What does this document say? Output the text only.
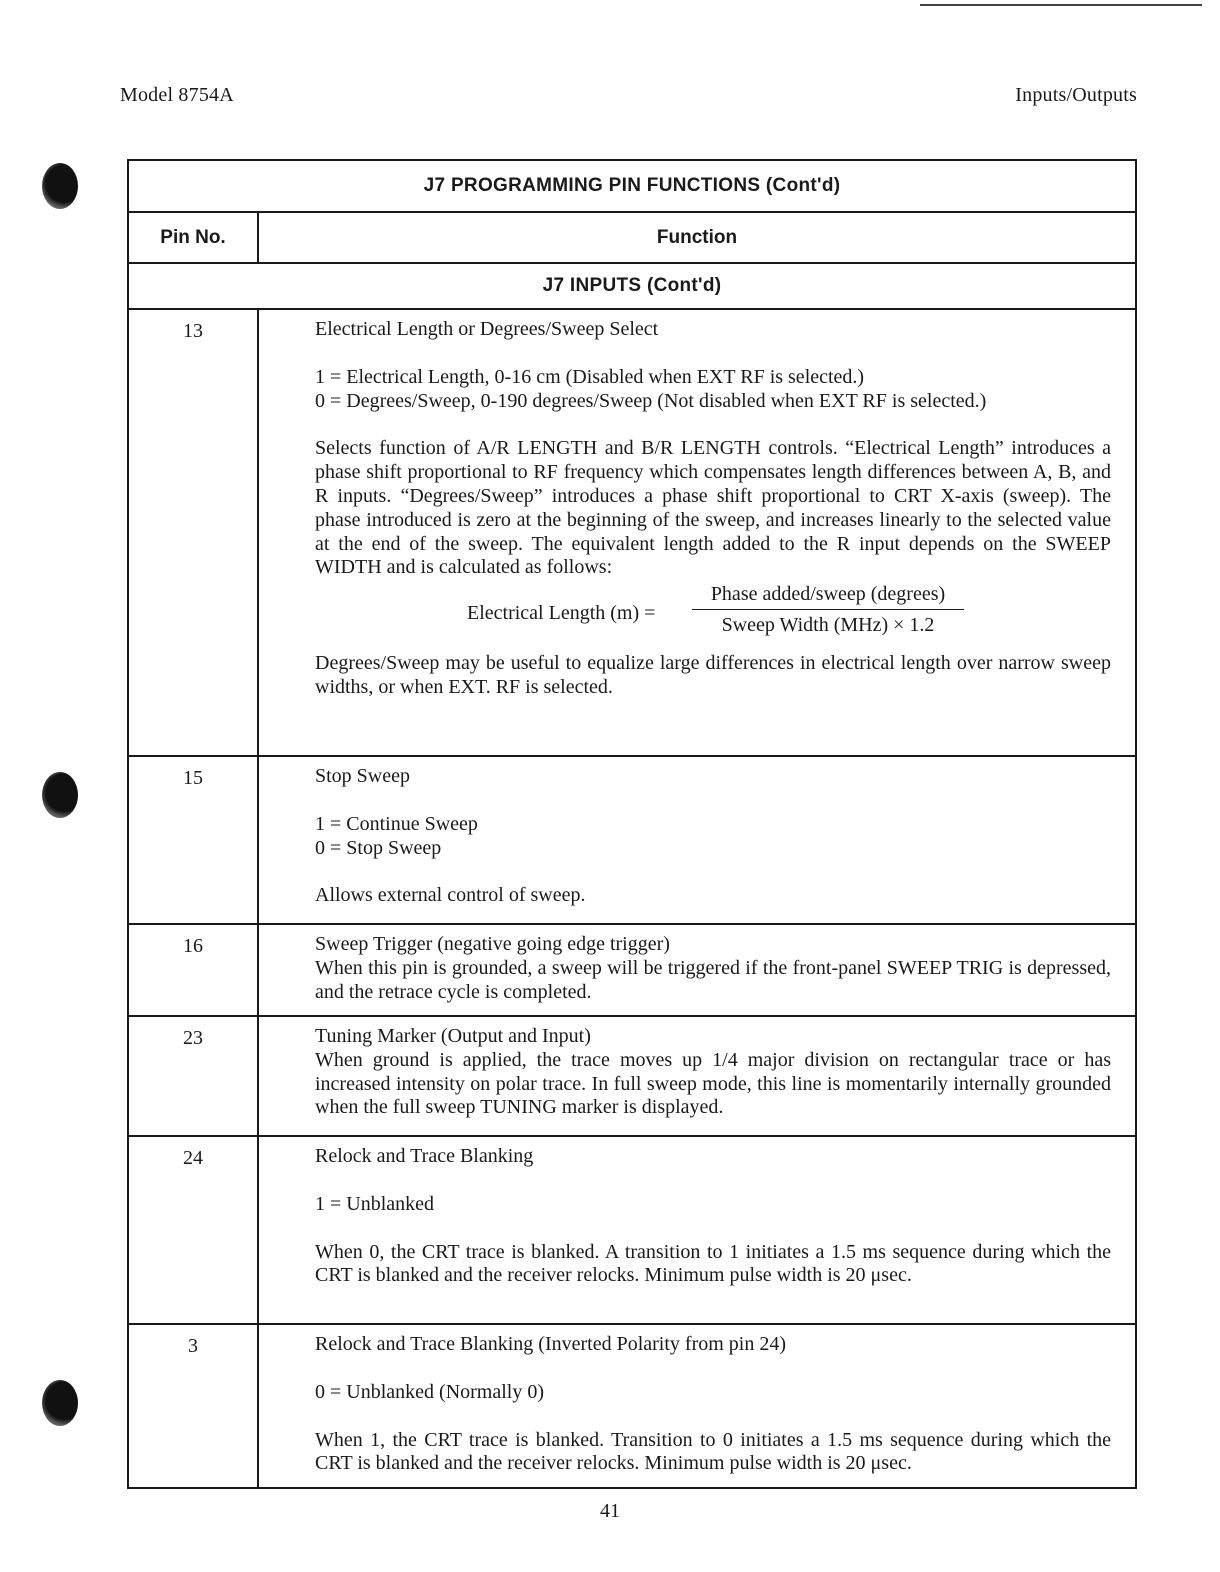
Model 8754A	Inputs/Outputs
J7 PROGRAMMING PIN FUNCTIONS (Cont'd)
Pin No.	Function
J7 INPUTS (Cont'd)
13	Electrical Length or Degrees/Sweep Select

1 = Electrical Length, 0-16 cm (Disabled when EXT RF is selected.)

0 = Degrees/Sweep, 0-190 degrees/Sweep (Not disabled when EXT RF is selected.)

Selects function of A/R LENGTH and B/R LENGTH controls. “Electrical Length” introduces a phase shift proportional to RF frequency which compensates length differences between A, B, and R inputs. “Degrees/Sweep” introduces a phase shift proportional to CRT X-axis (sweep). The phase introduced is zero at the beginning of the sweep, and increases linearly to the selected value at the end of the sweep. The equivalent length added to the R input depends on the SWEEP WIDTH and is calculated as follows:

Electrical Length (m) =
Phase added/sweep (degrees)
Sweep Width (MHz) × 1.2

Degrees/Sweep may be useful to equalize large differences in electrical length over narrow sweep widths, or when EXT. RF is selected.

15	Stop Sweep

1 = Continue Sweep

0 = Stop Sweep

Allows external control of sweep.

16	Sweep Trigger (negative going edge trigger)

When this pin is grounded, a sweep will be triggered if the front-panel SWEEP TRIG is depressed, and the retrace cycle is completed.

23	Tuning Marker (Output and Input)

When ground is applied, the trace moves up 1/4 major division on rectangular trace or has increased intensity on polar trace. In full sweep mode, this line is momentarily internally grounded when the full sweep TUNING marker is displayed.

24	Relock and Trace Blanking

1 = Unblanked

When 0, the CRT trace is blanked. A transition to 1 initiates a 1.5 ms sequence during which the CRT is blanked and the receiver relocks. Minimum pulse width is 20 μsec.

3	Relock and Trace Blanking (Inverted Polarity from pin 24)

0 = Unblanked (Normally 0)

When 1, the CRT trace is blanked. Transition to 0 initiates a 1.5 ms sequence during which the CRT is blanked and the receiver relocks. Minimum pulse width is 20 μsec.

41
